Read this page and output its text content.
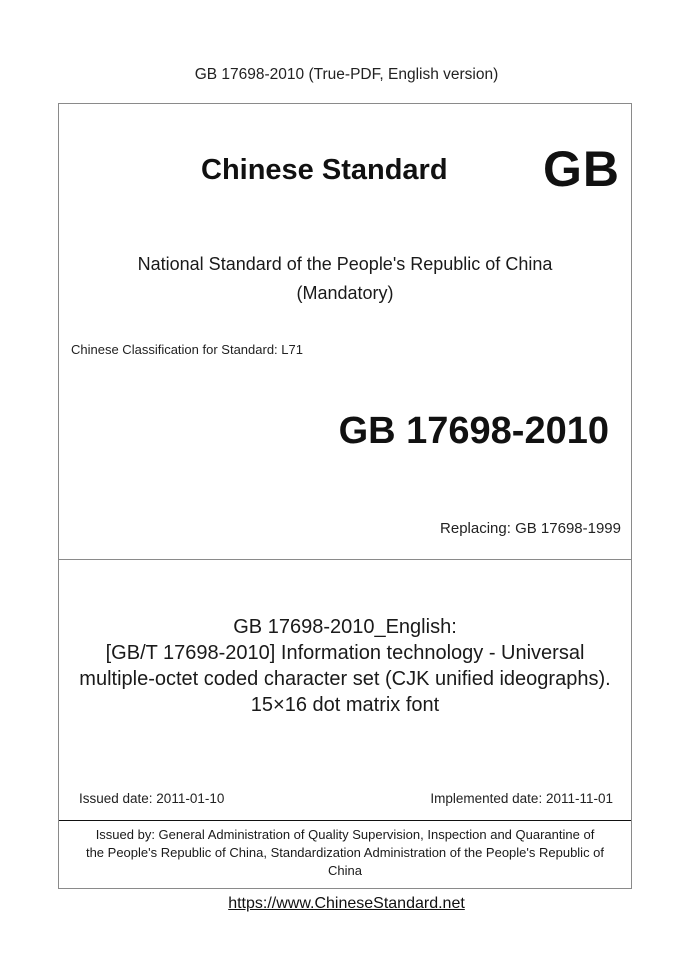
GB 17698-2010 (True-PDF, English version)
Chinese Standard GB
National Standard of the People's Republic of China
(Mandatory)
Chinese Classification for Standard: L71
GB 17698-2010
Replacing: GB 17698-1999
GB 17698-2010_English:
[GB/T 17698-2010] Information technology - Universal
multiple-octet coded character set (CJK unified ideographs).
15×16 dot matrix font
Issued date: 2011-01-10	Implemented date: 2011-11-01
Issued by: General Administration of Quality Supervision, Inspection and Quarantine of
the People's Republic of China, Standardization Administration of the People's Republic of
China
https://www.ChineseStandard.net
